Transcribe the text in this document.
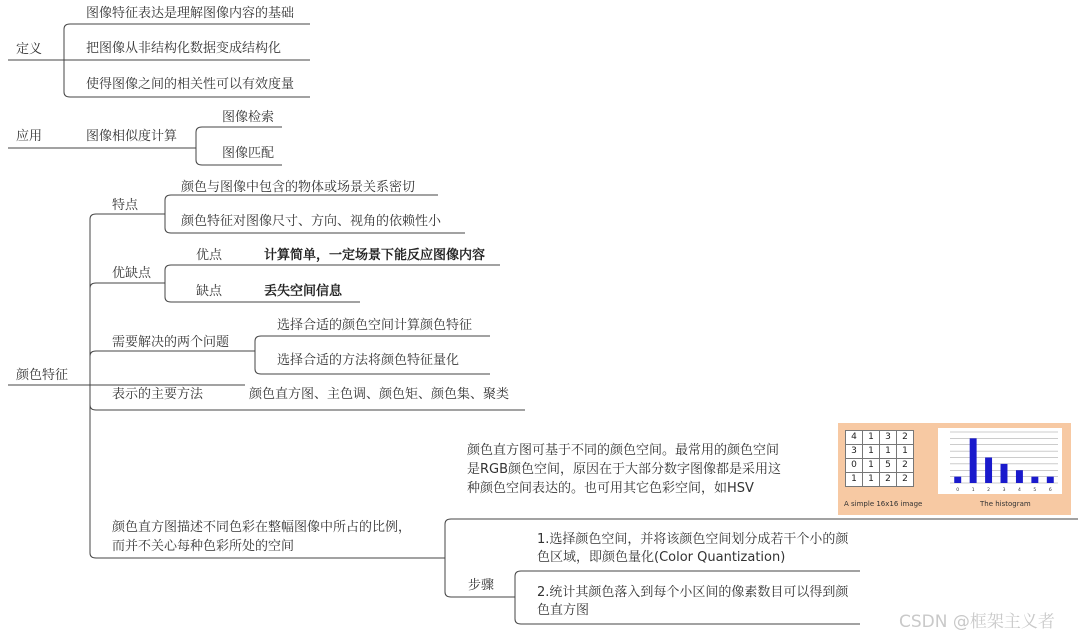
定义
图像特征表达是理解图像内容的基础
把图像从非结构化数据变成结构化
使得图像之间的相关性可以有效度量
应用	图像相似度计算
图像检索
图像匹配
颜色特征
特点
颜色与图像中包含的物体或场景关系密切
颜色特征对图像尺寸、方向、视角的依赖性小
优缺点
优点	计算简单，一定场景下能反应图像内容
缺点	丢失空间信息
需要解决的两个问题
选择合适的颜色空间计算颜色特征
选择合适的方法将颜色特征量化
表示的主要方法	颜色直方图、主色调、颜色矩、颜色集、聚类
颜色直方图描述不同色彩在整幅图像中所占的比例，
而并不关心每种色彩所处的空间
颜色直方图可基于不同的颜色空间。最常用的颜色空间是RGB颜色空间，原因在于大部分数字图像都是采用这种颜色空间表达的。也可用其它色彩空间，如HSV
步骤
1.选择颜色空间，并将该颜色空间划分成若干个小的颜色区域，即颜色量化(Color Quantization)
2.统计其颜色落入到每个小区间的像素数目可以得到颜色直方图
4	1	3	2
3	1	1	1
0	1	5	2
1	1	2	2
0	1	2	3	4	5	6
A simple 16x16 image	The histogram
CSDN @框架主义者
